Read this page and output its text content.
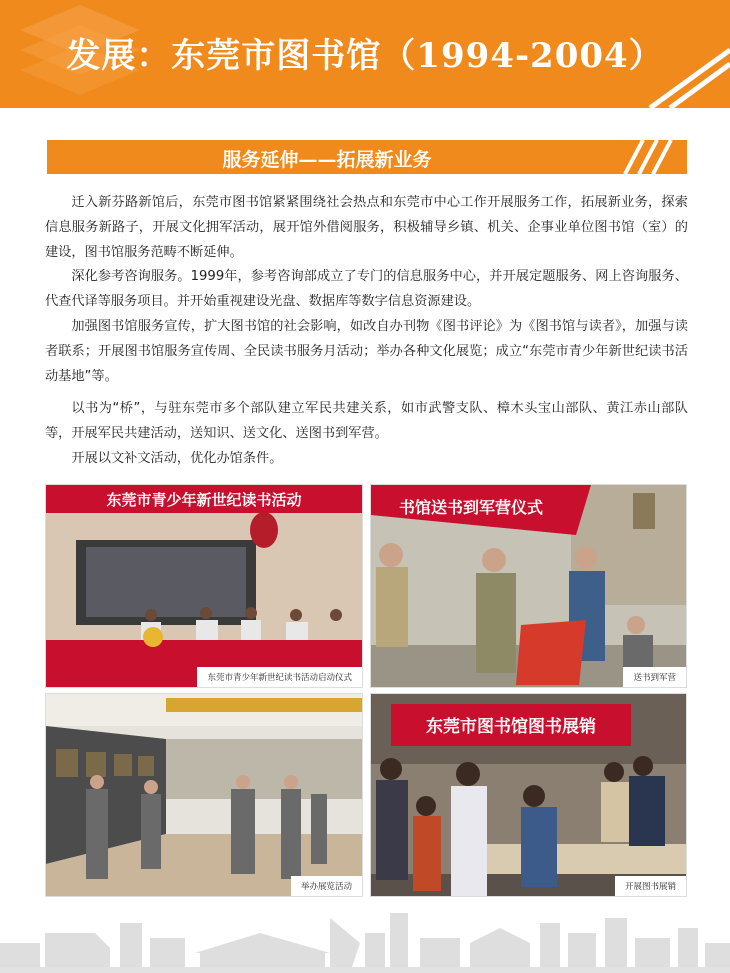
发展：东莞市图书馆（1994-2004）
服务延伸——拓展新业务

迁入新芬路新馆后，东莞市图书馆紧紧围绕社会热点和东莞市中心工作开展服务工作，拓展新业务，探索信息服务新路子，开展文化拥军活动，展开馆外借阅服务，积极辅导乡镇、机关、企事业单位图书馆（室）的建设，图书馆服务范畴不断延伸。

深化参考咨询服务。1999年，参考咨询部成立了专门的信息服务中心，并开展定题服务、网上咨询服务、代查代译等服务项目。并开始重视建设光盘、数据库等数字信息资源建设。

加强图书馆服务宣传，扩大图书馆的社会影响，如改自办刊物《图书评论》为《图书馆与读者》，加强与读者联系；开展图书馆服务宣传周、全民读书服务月活动；举办各种文化展览；成立“东莞市青少年新世纪读书活动基地”等。

以书为“桥”，与驻东莞市多个部队建立军民共建关系，如市武警支队、樟木头宝山部队、黄江赤山部队等，开展军民共建活动，送知识、送文化、送图书到军营。

开展以文补文活动，优化办馆条件。

东莞市青少年新世纪读书活动
东莞市青少年新世纪读书活动启动仪式
书馆送书到军营仪式
送书到军营
举办展览活动
东莞市图书馆图书展销
开展图书展销
